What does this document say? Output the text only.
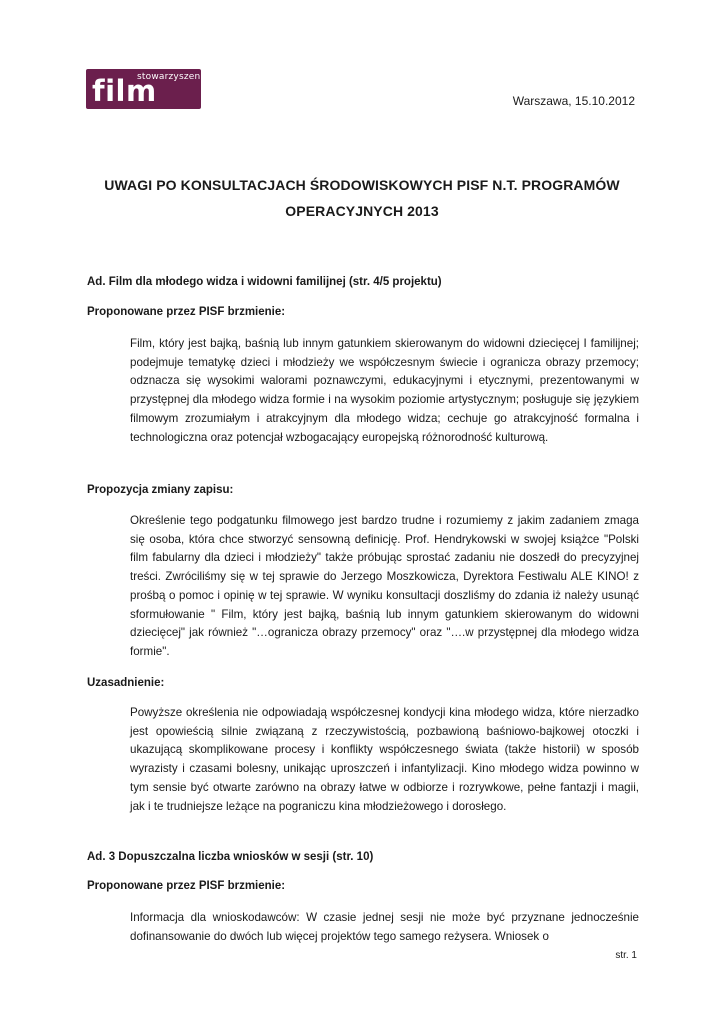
stowarzyszenie
film 1,2
Warszawa, 15.10.2012
UWAGI PO KONSULTACJACH ŚRODOWISKOWYCH PISF N.T. PROGRAMÓW
OPERACYJNYCH 2013
Ad. Film dla młodego widza i widowni familijnej (str. 4/5 projektu)
Proponowane przez PISF brzmienie:

Film, który jest bajką, baśnią lub innym gatunkiem skierowanym do widowni dziecięcej I familijnej; podejmuje tematykę dzieci i młodzieży we współczesnym świecie i ogranicza obrazy przemocy; odznacza się wysokimi walorami poznawczymi, edukacyjnymi i etycznymi, prezentowanymi w przystępnej dla młodego widza formie i na wysokim poziomie artystycznym; posługuje się językiem filmowym zrozumiałym i atrakcyjnym dla młodego widza; cechuje go atrakcyjność formalna i technologiczna oraz potencjał wzbogacający europejską różnorodność kulturową.

Propozycja zmiany zapisu:

Określenie tego podgatunku filmowego jest bardzo trudne i rozumiemy z jakim zadaniem zmaga się osoba, która chce stworzyć sensowną definicję. Prof. Hendrykowski w swojej książce "Polski film fabularny dla dzieci i młodzieży" także próbując sprostać zadaniu nie doszedł do precyzyjnej treści. Zwróciliśmy się w tej sprawie do Jerzego Moszkowicza, Dyrektora Festiwalu ALE KINO! z prośbą o pomoc i opinię w tej sprawie. W wyniku konsultacji doszliśmy do zdania iż należy usunąć sformułowanie " Film, który jest bajką, baśnią lub innym gatunkiem skierowanym do widowni dziecięcej" jak również "…ogranicza obrazy przemocy" oraz "….w przystępnej dla młodego widza formie".

Uzasadnienie:

Powyższe określenia nie odpowiadają współczesnej kondycji kina młodego widza, które nierzadko jest opowieścią silnie związaną z rzeczywistością, pozbawioną baśniowo-bajkowej otoczki i ukazującą skomplikowane procesy i konflikty współczesnego świata (także historii) w sposób wyrazisty i czasami bolesny, unikając uproszczeń i infantylizacji. Kino młodego widza powinno w tym sensie być otwarte zarówno na obrazy łatwe w odbiorze i rozrywkowe, pełne fantazji i magii, jak i te trudniejsze leżące na pograniczu kina młodzieżowego i dorosłego.

Ad. 3 Dopuszczalna liczba wniosków w sesji (str. 10)
Proponowane przez PISF brzmienie:

Informacja dla wnioskodawców: W czasie jednej sesji nie może być przyznane jednocześnie dofinansowanie do dwóch lub więcej projektów tego samego reżysera. Wniosek o

str. 1
